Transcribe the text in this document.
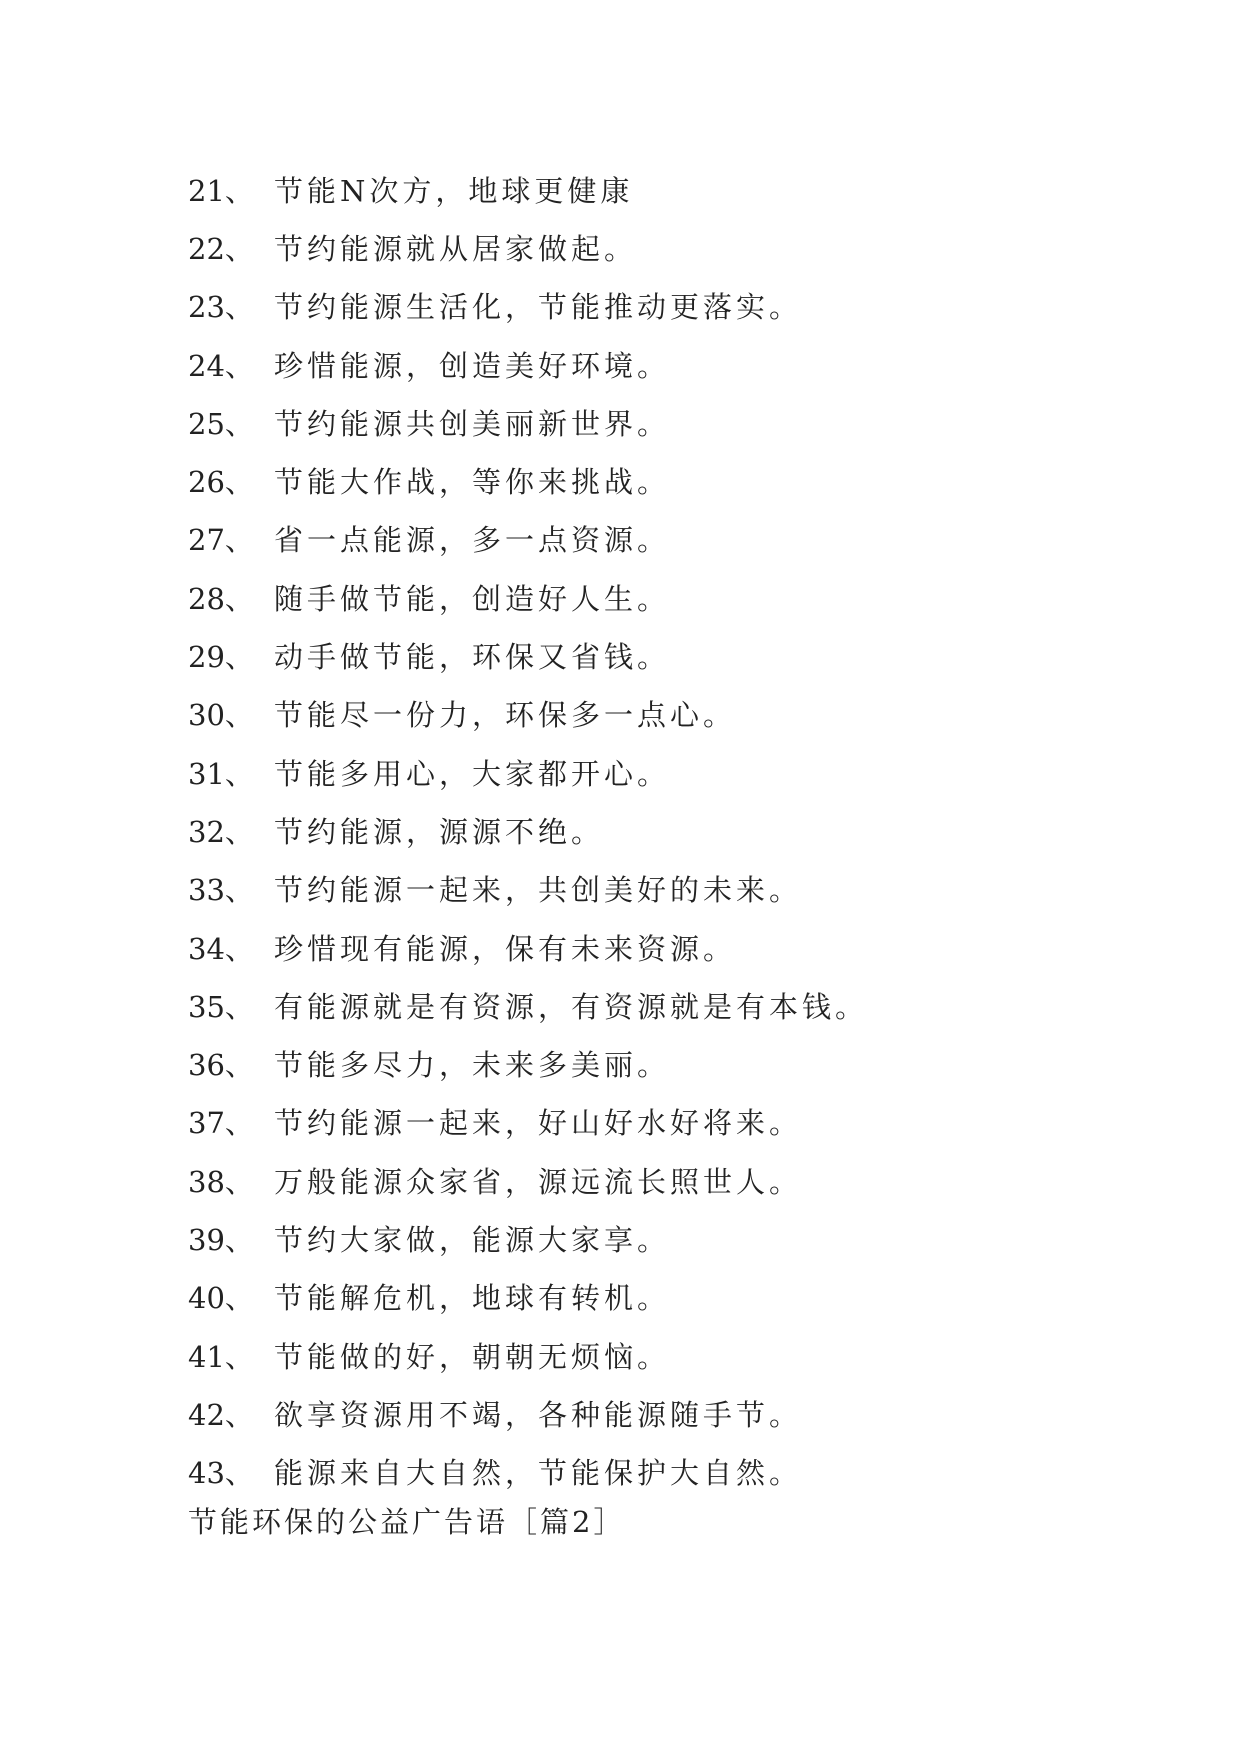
21、 节能N次方，地球更健康
22、 节约能源就从居家做起。
23、 节约能源生活化，节能推动更落实。
24、 珍惜能源，创造美好环境。
25、 节约能源共创美丽新世界。
26、 节能大作战，等你来挑战。
27、 省一点能源，多一点资源。
28、 随手做节能，创造好人生。
29、 动手做节能，环保又省钱。
30、 节能尽一份力，环保多一点心。
31、 节能多用心，大家都开心。
32、 节约能源，源源不绝。
33、 节约能源一起来，共创美好的未来。
34、 珍惜现有能源，保有未来资源。
35、 有能源就是有资源，有资源就是有本钱。
36、 节能多尽力，未来多美丽。
37、 节约能源一起来，好山好水好将来。
38、 万般能源众家省，源远流长照世人。
39、 节约大家做，能源大家享。
40、 节能解危机，地球有转机。
41、 节能做的好，朝朝无烦恼。
42、 欲享资源用不竭，各种能源随手节。
43、 能源来自大自然，节能保护大自然。
节能环保的公益广告语［篇2］
